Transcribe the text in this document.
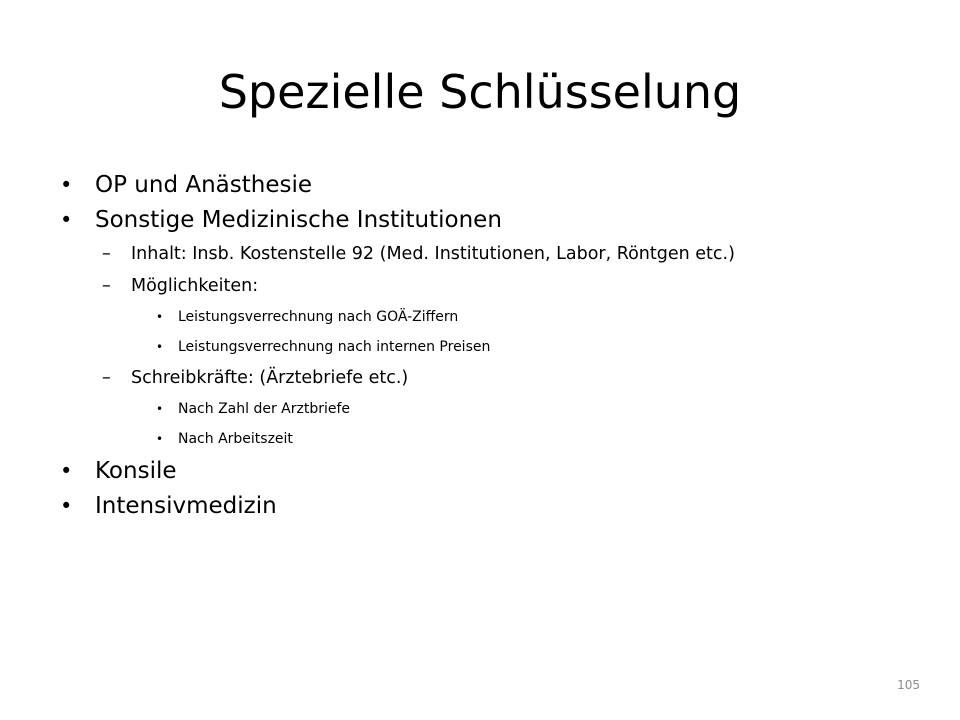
Spezielle Schlüsselung
• OP und Anästhesie
• Sonstige Medizinische Institutionen
– Inhalt: Insb. Kostenstelle 92 (Med. Institutionen, Labor, Röntgen etc.)
– Möglichkeiten:
• Leistungsverrechnung nach GOÄ-Ziffern
• Leistungsverrechnung nach internen Preisen
– Schreibkräfte: (Ärztebriefe etc.)
• Nach Zahl der Arztbriefe
• Nach Arbeitszeit
• Konsile
• Intensivmedizin
105
